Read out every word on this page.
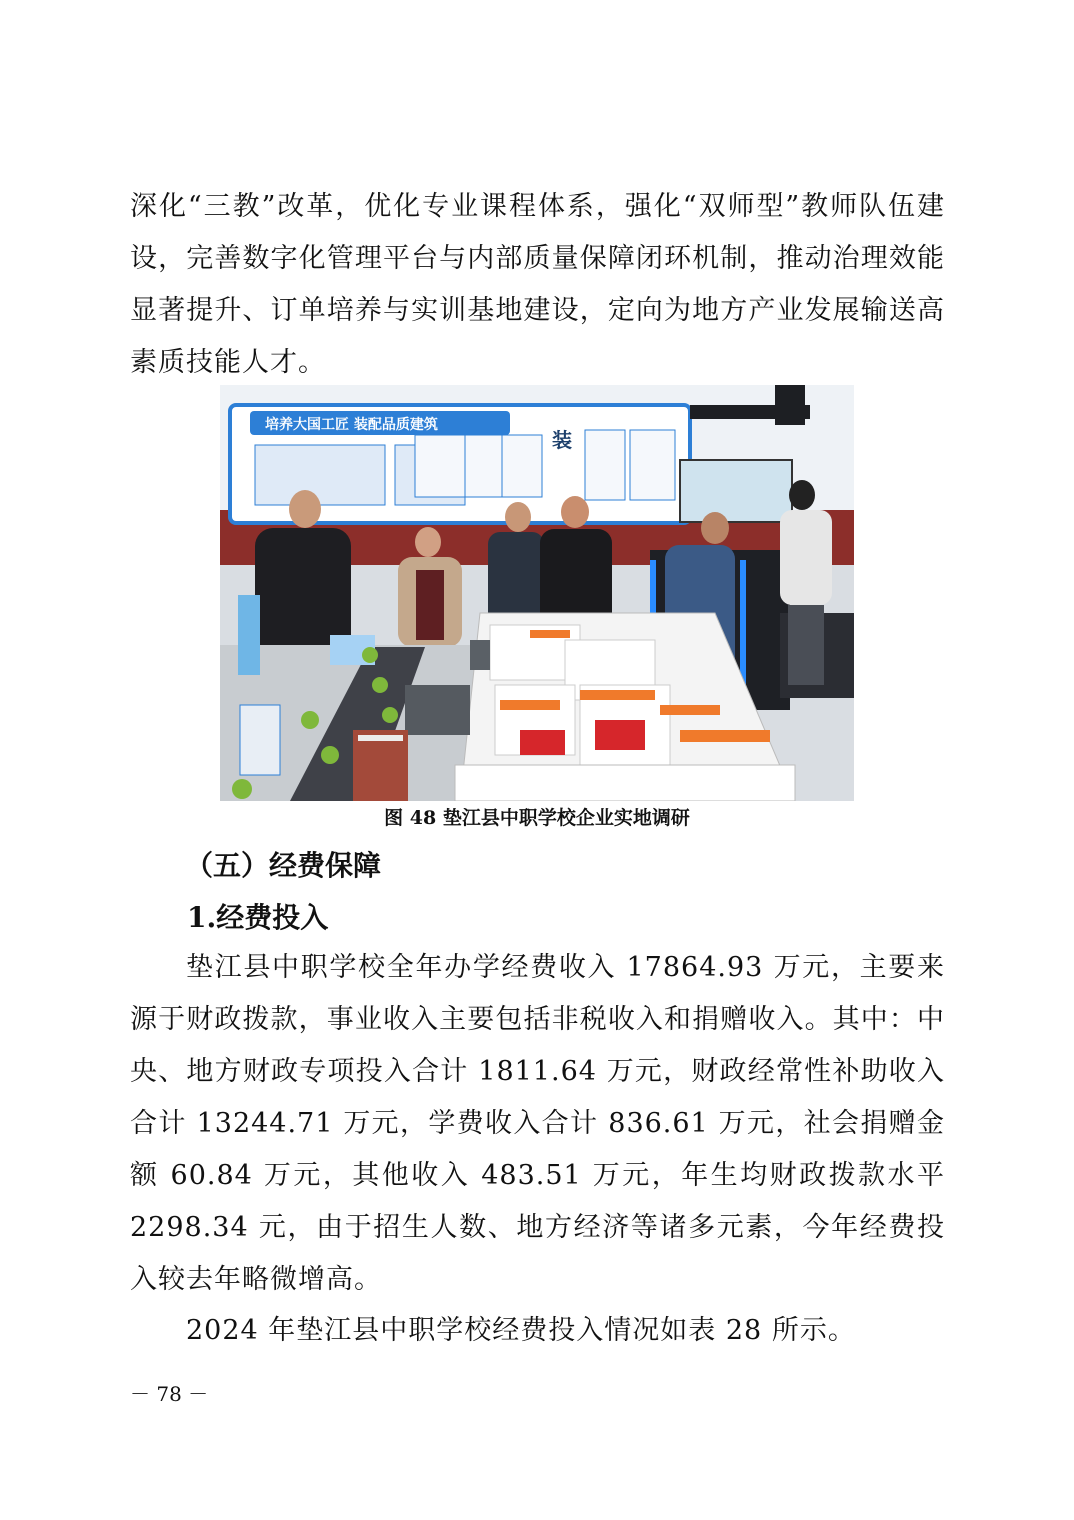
深化“三教”改革，优化专业课程体系，强化“双师型”教师队伍建设，完善数字化管理平台与内部质量保障闭环机制，推动治理效能显著提升、订单培养与实训基地建设，定向为地方产业发展输送高素质技能人才。

培养大国工匠 装配品质建筑
装
图 48 垫江县中职学校企业实地调研
（五）经费保障
1.经费投入

垫江县中职学校全年办学经费收入 17864.93 万元，主要来源于财政拨款，事业收入主要包括非税收入和捐赠收入。其中：中央、地方财政专项投入合计 1811.64 万元，财政经常性补助收入合计 13244.71 万元，学费收入合计 836.61 万元，社会捐赠金额 60.84 万元，其他收入 483.51 万元，年生均财政拨款水平 2298.34 元，由于招生人数、地方经济等诸多元素，今年经费投入较去年略微增高。

2024 年垫江县中职学校经费投入情况如表 28 所示。

－ 78 －
